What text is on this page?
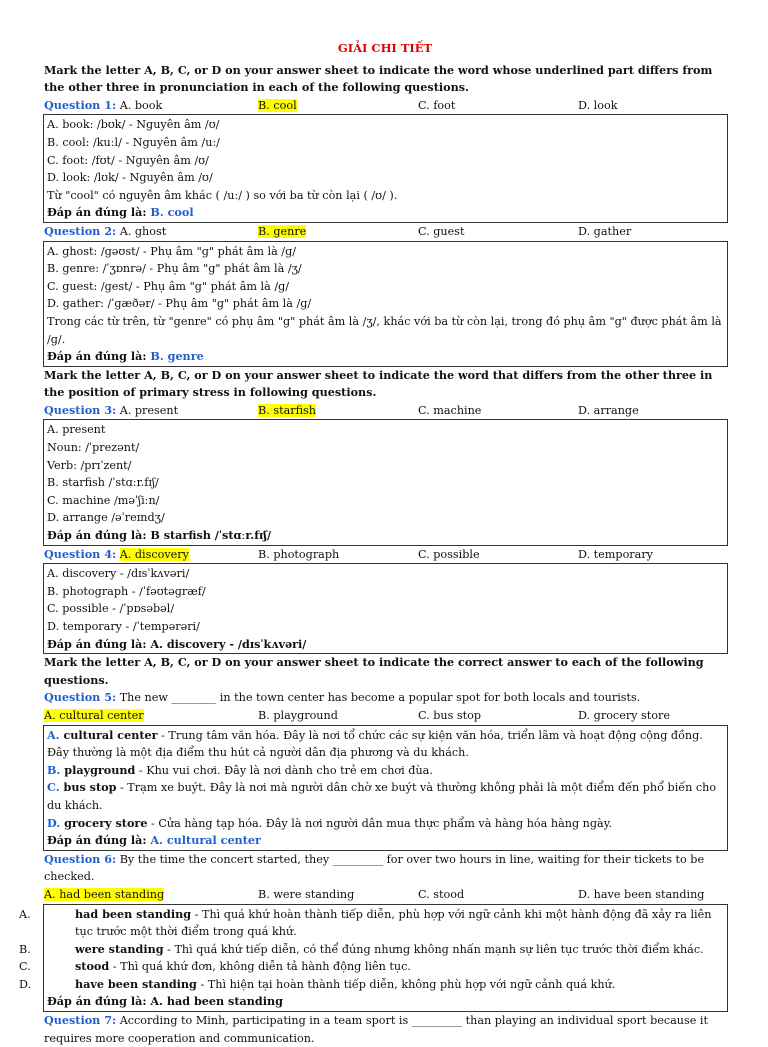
GIẢI CHI TIẾT

Mark the letter A, B, C, or D on your answer sheet to indicate the word whose underlined part differs from the other three in pronunciation in each of the following questions.

Question 1: A. book	B. cool	C. foot	D. look

A. book: /bʊk/ - Nguyên âm /ʊ/

B. cool: /kuːl/ - Nguyên âm /uː/

C. foot: /fʊt/ - Nguyên âm /ʊ/

D. look: /lʊk/ - Nguyên âm /ʊ/

Từ "cool" có nguyên âm khác ( /uː/ ) so với ba từ còn lại ( /ʊ/ ).

Đáp án đúng là: B. cool

Question 2: A. ghost	B. genre	C. guest	D. gather

A. ghost: /ɡəʊst/ - Phụ âm "g" phát âm là /ɡ/

B. genre: /ˈʒɒnrə/ - Phụ âm "g" phát âm là /ʒ/

C. guest: /ɡest/ - Phụ âm "g" phát âm là /ɡ/

D. gather: /ˈɡæðər/ - Phụ âm "g" phát âm là /ɡ/

Trong các từ trên, từ "genre" có phụ âm "g" phát âm là /ʒ/, khác với ba từ còn lại, trong đó phụ âm "g" được phát âm là /ɡ/.

Đáp án đúng là: B. genre

Mark the letter A, B, C, or D on your answer sheet to indicate the word that differs from the other three in the position of primary stress in following questions.

Question 3: A. present	B. starfish	C. machine	D. arrange

A. present

Noun: /ˈprezənt/

Verb: /prɪˈzent/

B. starfish /ˈstɑːr.fɪʃ/

C. machine /məˈʃiːn/

D. arrange /əˈreɪndʒ/

Đáp án đúng là: B starfish /ˈstɑːr.fɪʃ/

Question 4: A. discovery	B. photograph	C. possible	D. temporary

A. discovery - /dɪsˈkʌvəri/

B. photograph - /ˈfəʊtəɡræf/

C. possible - /ˈpɒsəbəl/

D. temporary - /ˈtempərəri/

Đáp án đúng là: A. discovery - /dɪsˈkʌvəri/

Mark the letter A, B, C, or D on your answer sheet to indicate the correct answer to each of the following questions.

Question 5: The new ________ in the town center has become a popular spot for both locals and tourists.

A. cultural center	B. playground	C. bus stop	D. grocery store

A. cultural center - Trung tâm văn hóa. Đây là nơi tổ chức các sự kiện văn hóa, triển lãm và hoạt động cộng đồng. Đây thường là một địa điểm thu hút cả người dân địa phương và du khách.

B. playground - Khu vui chơi. Đây là nơi dành cho trẻ em chơi đùa.

C. bus stop - Trạm xe buýt. Đây là nơi mà người dân chờ xe buýt và thường không phải là một điểm đến phổ biến cho du khách.

D. grocery store - Cửa hàng tạp hóa. Đây là nơi người dân mua thực phẩm và hàng hóa hàng ngày.

Đáp án đúng là: A. cultural center

Question 6: By the time the concert started, they _________ for over two hours in line, waiting for their tickets to be checked.

A. had been standing	B. were standing	C. stood	D. have been standing

A.	had been standing - Thì quá khứ hoàn thành tiếp diễn, phù hợp với ngữ cảnh khi một hành động đã xảy ra liên tục trước một thời điểm trong quá khứ.

B.	were standing - Thì quá khứ tiếp diễn, có thể đúng nhưng không nhấn mạnh sự liên tục trước thời điểm khác.

C.	stood - Thì quá khứ đơn, không diễn tả hành động liên tục.

D.	have been standing - Thì hiện tại hoàn thành tiếp diễn, không phù hợp với ngữ cảnh quá khứ.

Đáp án đúng là: A. had been standing

Question 7: According to Minh, participating in a team sport is _________ than playing an individual sport because it requires more cooperation and communication.
